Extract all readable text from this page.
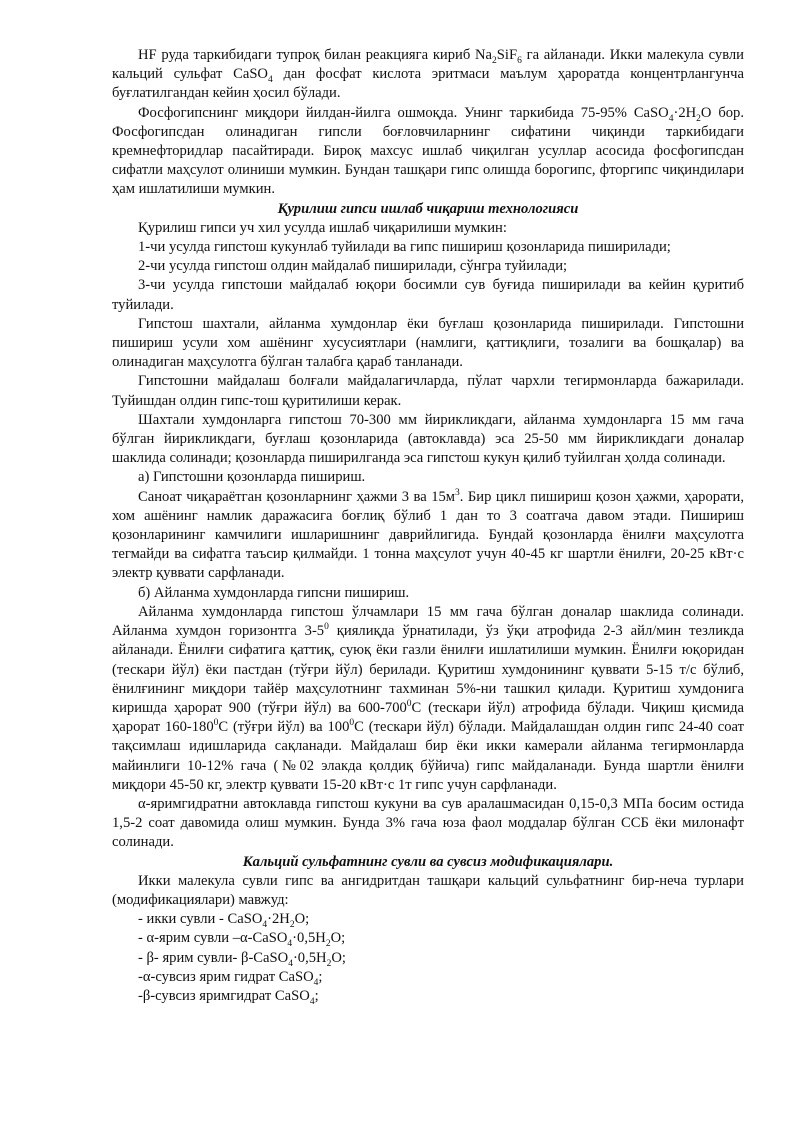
HF руда таркибидаги тупроқ билан реакцияга кириб $Na_2SiF_6$ га айланади. Икки малекула сувли кальций сульфат CaSO$_4$ дан фосфат кислота эритмаси маълум ҳароратда концентрлангунча буғлатилгандан кейин ҳосил бўлади.

Фосфогипснинг миқдори йилдан-йилга ошмоқда. Унинг таркибида 75-95% $CaSO_4\cdot 2H_2O$ бор. Фосфогипсдан олинадиган гипсли боғловчиларнинг сифатини чиқинди таркибидаги кремнефторидлар пасайтиради. Бироқ махсус ишлаб чиқилган усуллар асосида фосфогипсдан сифатли маҳсулот олиниши мумкин. Бундан ташқари гипс олишда борогипс, фторгипс чиқиндилари ҳам ишлатилиши мумкин.

Қурилиш гипси ишлаб чиқариш технологияси

Қурилиш гипси уч хил усулда ишлаб чиқарилиши мумкин:

1-чи усулда гипстош кукунлаб туйилади ва гипс пишириш қозонларида пиширилади;

2-чи усулда гипстош олдин майдалаб пиширилади, сўнгра туйилади;

3-чи усулда гипстоши майдалаб юқори босимли сув буғида пиширилади ва кейин қуритиб туйилади.

Гипстош шахтали, айланма хумдонлар ёки буғлаш қозонларида пиширилади. Гипстошни пишириш усули хом ашёнинг хусусиятлари (намлиги, қаттиқлиги, тозалиги ва бошқалар) ва олинадиган маҳсулотга бўлган талабга қараб танланади.

Гипстошни майдалаш болғали майдалагичларда, пўлат чархли тегирмонларда бажарилади. Туйишдан олдин гипс-тош қуритилиши керак.

Шахтали хумдонларга гипстош 70-300 мм йирикликдаги, айланма хумдонларга 15 мм гача бўлган йирикликдаги, буғлаш қозонларида (автоклавда) эса 25-50 мм йирикликдаги доналар шаклида солинади; қозонларда пиширилганда эса гипстош кукун қилиб туйилган ҳолда солинади.

а) Гипстошни қозонларда пишириш.

Саноат чиқараётган қозонларнинг ҳажми 3 ва $15м^3$. Бир цикл пишириш қозон ҳажми, ҳарорати, хом ашёнинг намлик даражасига боғлиқ бўлиб 1 дан то 3 соатгача давом этади. Пишириш қозонларининг камчилиги ишларишнинг даврийлигида. Бундай қозонларда ёнилғи маҳсулотга тегмайди ва сифатга таъсир қилмайди. 1 тонна маҳсулот учун 40-45 кг шартли ёнилғи, 20-25 кВт·с электр қуввати сарфланади.

б) Айланма хумдонларда гипсни пишириш.

Айланма хумдонларда гипстош ўлчамлари 15 мм гача бўлган доналар шаклида солинади. Айланма хумдон горизонтга $3-5^0$ қиялиқда ўрнатилади, ўз ўқи атрофида 2-3 айл/мин тезликда айланади. Ёнилғи сифатига қаттиқ, суюқ ёки газли ёнилғи ишлатилиши мумкин. Ёнилғи юқоридан (тескари йўл) ёки пастдан (тўғри йўл) берилади. Қуритиш хумдонининг қуввати 5-15 т/с бўлиб, ёнилғининг миқдори тайёр маҳсулотнинг тахминан 5%-ни ташкил қилади. Қуритиш хумдонига киришда ҳарорат 900 (тўғри йўл) ва $600-700^0С$ (тескари йўл) атрофида бўлади. Чиқиш қисмида ҳарорат $160-180^0С$ (тўғри йўл) ва $100^0С$ (тескари йўл) бўлади. Майдалашдан олдин гипс 24-40 соат тақсимлаш идишларида сақланади. Майдалаш бир ёки икки камерали айланма тегирмонларда майинлиги 10-12% гача (№02 элакда қолдиқ бўйича) гипс майдаланади. Бунда шартли ёнилғи миқдори 45-50 кг, электр қуввати 15-20 кВт·с 1т гипс учун сарфланади.

α-яримгидратни автоклавда гипстош кукуни ва сув аралашмасидан 0,15-0,3 МПа босим остида 1,5-2 соат давомида олиш мумкин. Бунда 3% гача юза фаол моддалар бўлган ССБ ёки милонафт солинади.

Кальций сульфатнинг сувли ва сувсиз модификациялари.

Икки малекула сувли гипс ва ангидритдан ташқари кальций сульфатнинг бир-неча турлари (модификациялари) мавжуд:

- икки сувли - $CaSO_4\cdot 2H_2O$;

- α-ярим сувли $-\alpha-CaSO_4\cdot 0,5H_2O$;

- β- ярим сувли- $\beta-CaSO_4\cdot 0,5H_2O$;

-α-сувсиз ярим гидрат CaSO$_4$;

-β-сувсиз яримгидрат CaSO$_4$;
